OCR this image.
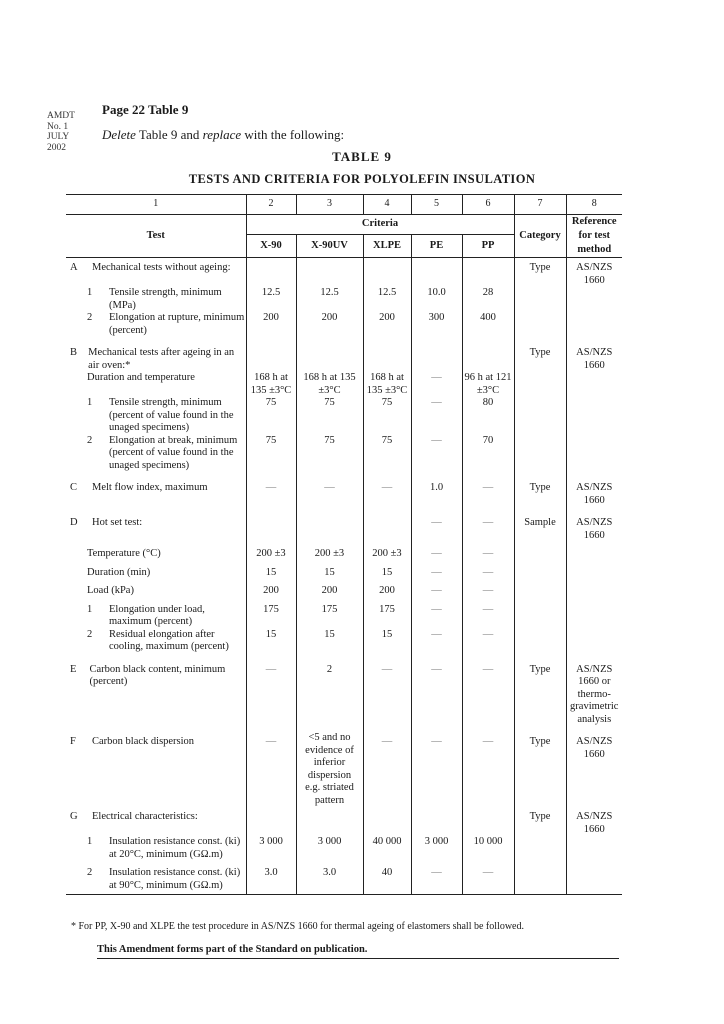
AMDT
No. 1
JULY
2002
Page 22 Table 9
Delete Table 9 and replace with the following:
TABLE 9
TESTS AND CRITERIA FOR POLYOLEFIN INSULATION
1	2	3	4	5	6	7	8
Test	Criteria					Category	Reference for test method
	X-90	X-90UV	XLPE	PE	PP		

A Mechanical tests without ageing:						Type	AS/NZS 1660

1 Tensile strength, minimum (MPa)	12.5	12.5	12.5	10.0	28		

2 Elongation at rupture, minimum (percent)	200	200	200	300	400		

B Mechanical tests after ageing in an air oven:*						Type	AS/NZS 1660
Duration and temperature	168 h at 135 ±3°C	168 h at 135 ±3°C	168 h at 135 ±3°C	—	96 h at 121 ±3°C		

1 Tensile strength, minimum (percent of value found in the unaged specimens)	75	75	75	—	80		

2 Elongation at break, minimum (percent of value found in the unaged specimens)	75	75	75	—	70		

C Melt flow index, maximum	—	—	—	1.0	—	Type	AS/NZS 1660

D Hot set test:				—	—	Sample	AS/NZS 1660
Temperature (°C)	200 ±3	200 ±3	200 ±3	—	—		
Duration (min)	15	15	15	—	—		
Load (kPa)	200	200	200	—	—		

1 Elongation under load, maximum (percent)	175	175	175	—	—		

2 Residual elongation after cooling, maximum (percent)	15	15	15	—	—		

E Carbon black content, minimum (percent)	—	2	—	—	—	Type	AS/NZS 1660 or thermo-gravimetric analysis

F Carbon black dispersion	—	<5 and no evidence of inferior dispersion e.g. striated pattern	—	—	—	Type	AS/NZS 1660

G Electrical characteristics:						Type	AS/NZS 1660

1 Insulation resistance const. (ki) at 20°C, minimum (GΩ.m)	3 000	3 000	40 000	3 000	10 000		

2 Insulation resistance const. (ki) at 90°C, minimum (GΩ.m)	3.0	3.0	40	—	—		
* For PP, X-90 and XLPE the test procedure in AS/NZS 1660 for thermal ageing of elastomers shall be followed.
This Amendment forms part of the Standard on publication.
